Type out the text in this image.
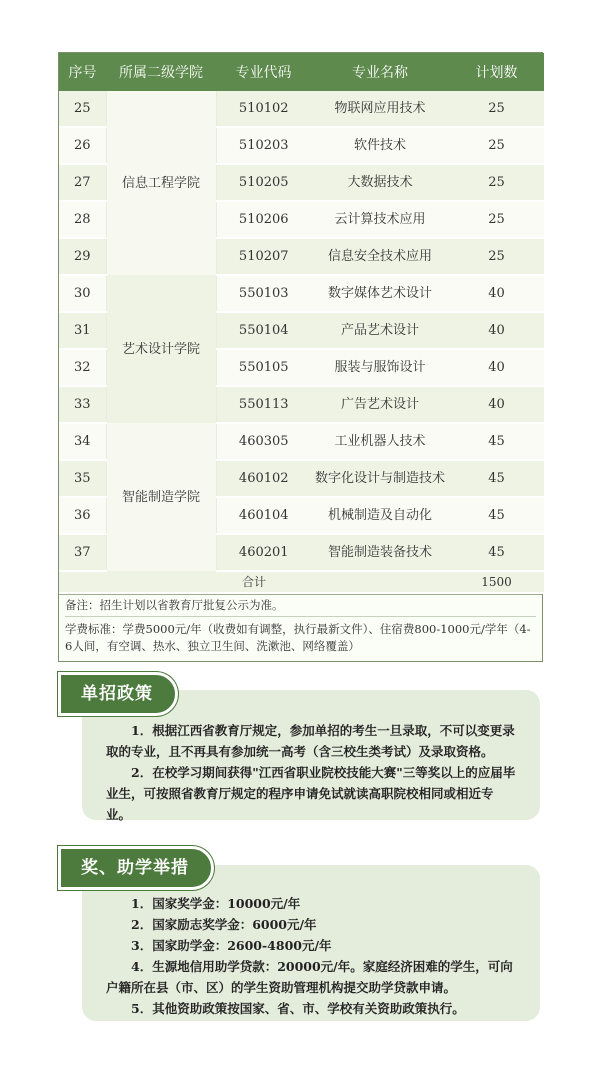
序号	所属二级学院	专业代码	专业名称	计划数
25	信息工程学院	510102	物联网应用技术	25
26		510203	软件技术	25
27		510205	大数据技术	25
28		510206	云计算技术应用	25
29		510207	信息安全技术应用	25
30	艺术设计学院	550103	数字媒体艺术设计	40
31		550104	产品艺术设计	40
32		550105	服装与服饰设计	40
33		550113	广告艺术设计	40
34	智能制造学院	460305	工业机器人技术	45
35		460102	数字化设计与制造技术	45
36		460104	机械制造及自动化	45
37		460201	智能制造装备技术	45
合计				1500
备注：招生计划以省教育厅批复公示为准。
学费标准：学费5000元/年（收费如有调整，执行最新文件）、住宿费800-1000元/学年（4-6人间，有空调、热水、独立卫生间、洗漱池、网络覆盖）

1．根据江西省教育厅规定，参加单招的考生一旦录取，不可以变更录取的专业，且不再具有参加统一高考（含三校生类考试）及录取资格。

2．在校学习期间获得"江西省职业院校技能大赛"三等奖以上的应届毕业生，可按照省教育厅规定的程序申请免试就读高职院校相同或相近专业。

单招政策

1．国家奖学金：10000元/年

2．国家励志奖学金：6000元/年

3．国家助学金：2600-4800元/年

4．生源地信用助学贷款：20000元/年。家庭经济困难的学生，可向户籍所在县（市、区）的学生资助管理机构提交助学贷款申请。

5．其他资助政策按国家、省、市、学校有关资助政策执行。

奖、助学举措
